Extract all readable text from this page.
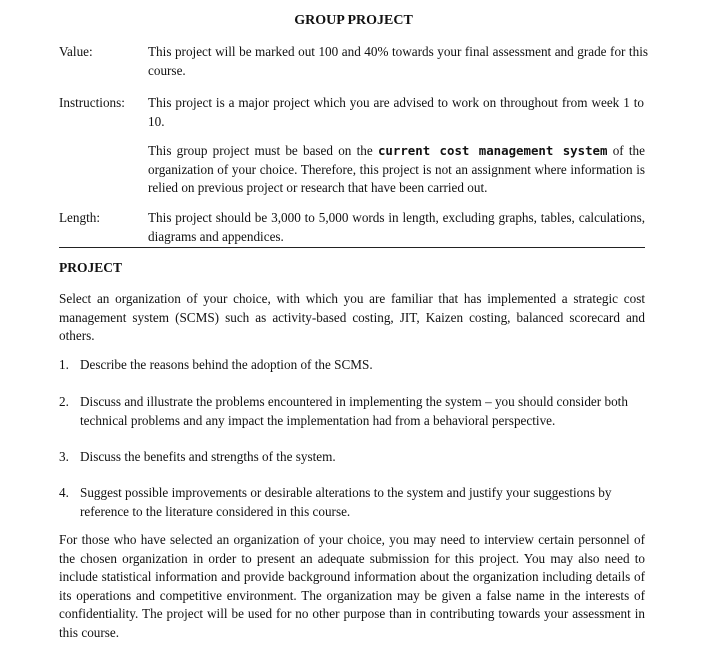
GROUP PROJECT
Value:	This project will be marked out 100 and 40% towards your final assessment and grade for this course.
Instructions: This project is a major project which you are advised to work on throughout from week 1 to 10.
This group project must be based on the current cost management system of the organization of your choice. Therefore, this project is not an assignment where information is relied on previous project or research that have been carried out.
Length:	This project should be 3,000 to 5,000 words in length, excluding graphs, tables, calculations, diagrams and appendices.
PROJECT
Select an organization of your choice, with which you are familiar that has implemented a strategic cost management system (SCMS) such as activity-based costing, JIT, Kaizen costing, balanced scorecard and others.
1. Describe the reasons behind the adoption of the SCMS.
2. Discuss and illustrate the problems encountered in implementing the system – you should consider both technical problems and any impact the implementation had from a behavioral perspective.
3. Discuss the benefits and strengths of the system.
4. Suggest possible improvements or desirable alterations to the system and justify your suggestions by reference to the literature considered in this course.
For those who have selected an organization of your choice, you may need to interview certain personnel of the chosen organization in order to present an adequate submission for this project. You may also need to include statistical information and provide background information about the organization including details of its operations and competitive environment. The organization may be given a false name in the interests of confidentiality. The project will be used for no other purpose than in contributing towards your assessment in this course.
